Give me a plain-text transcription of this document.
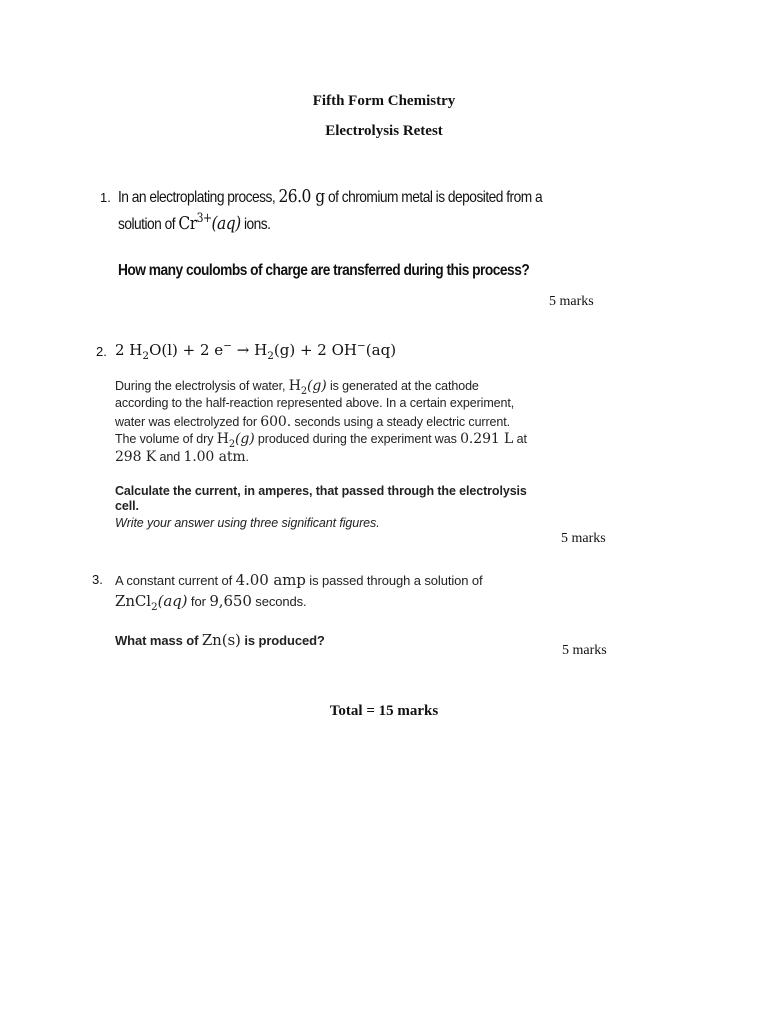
Fifth Form Chemistry
Electrolysis Retest
1. In an electroplating process, 26.0 g of chromium metal is deposited from a
solution of $Cr^{3+}(aq)$ ions.
How many coulombs of charge are transferred during this process?
5 marks
2. 2 $H_2O(l) + 2$ $e^- \to H_2(g) + 2$ OH−(aq)
During the electrolysis of water, $H_2(g)$ is generated at the cathode
according to the half-reaction represented above. In a certain experiment,
water was electrolyzed for 600. seconds using a steady electric current.
The volume of dry $H_2(g)$ produced during the experiment was 0.291 L at
298 K and 1.00 atm.
Calculate the current, in amperes, that passed through the electrolysis
cell.
Write your answer using three significant figures.
5 marks
3. A constant current of 4.00 amp is passed through a solution of
ZnCl$_2$(aq) for 9,650 seconds.
What mass of Zn(s) is produced?
5 marks
Total = 15 marks
